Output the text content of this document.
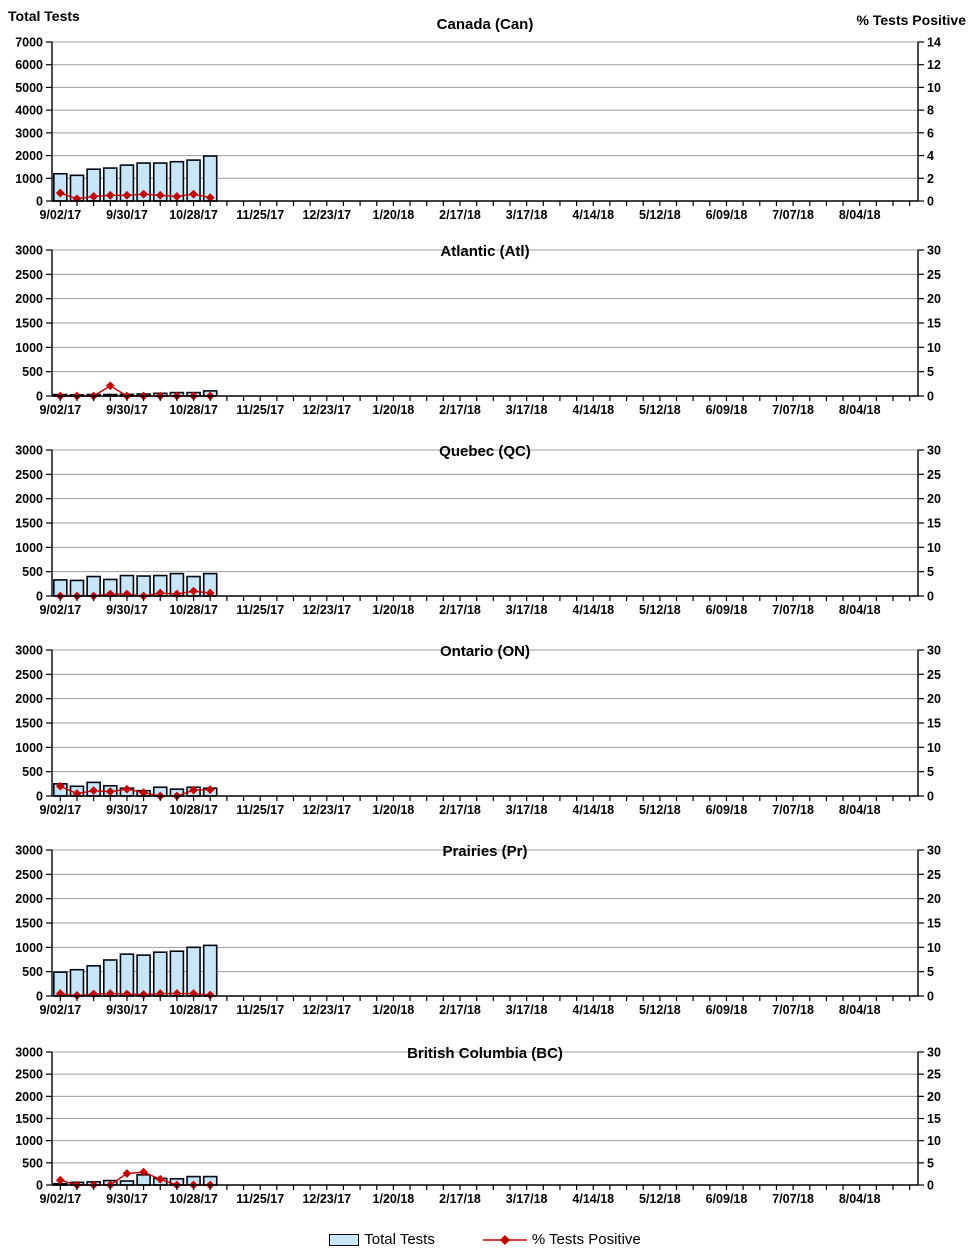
Total Tests	% Tests Positive
0
1000
2000
3000
4000
5000
6000
7000
0
2
4
6
8
10
12
14
9/02/17 9/30/17 10/28/17 11/25/17 12/23/17 1/20/18 2/17/18 3/17/18 4/14/18 5/12/18 6/09/18 7/07/18 8/04/18
Canada (Can)
0
500
1000
1500
2000
2500
3000
0
5
10
15
20
25
30
9/02/17 9/30/17 10/28/17 11/25/17 12/23/17 1/20/18 2/17/18 3/17/18 4/14/18 5/12/18 6/09/18 7/07/18 8/04/18
Atlantic (Atl)
0
500
1000
1500
2000
2500
3000
0
5
10
15
20
25
30
9/02/17 9/30/17 10/28/17 11/25/17 12/23/17 1/20/18 2/17/18 3/17/18 4/14/18 5/12/18 6/09/18 7/07/18 8/04/18
Quebec (QC)
0
500
1000
1500
2000
2500
3000
0
5
10
15
20
25
30
9/02/17 9/30/17 10/28/17 11/25/17 12/23/17 1/20/18 2/17/18 3/17/18 4/14/18 5/12/18 6/09/18 7/07/18 8/04/18
Ontario (ON)
0
500
1000
1500
2000
2500
3000
0
5
10
15
20
25
30
9/02/17 9/30/17 10/28/17 11/25/17 12/23/17 1/20/18 2/17/18 3/17/18 4/14/18 5/12/18 6/09/18 7/07/18 8/04/18
Prairies (Pr)
0
500
1000
1500
2000
2500
3000
0
5
10
15
20
25
30
9/02/17 9/30/17 10/28/17 11/25/17 12/23/17 1/20/18 2/17/18 3/17/18 4/14/18 5/12/18 6/09/18 7/07/18 8/04/18
British Columbia (BC)
Total Tests	% Tests Positive
